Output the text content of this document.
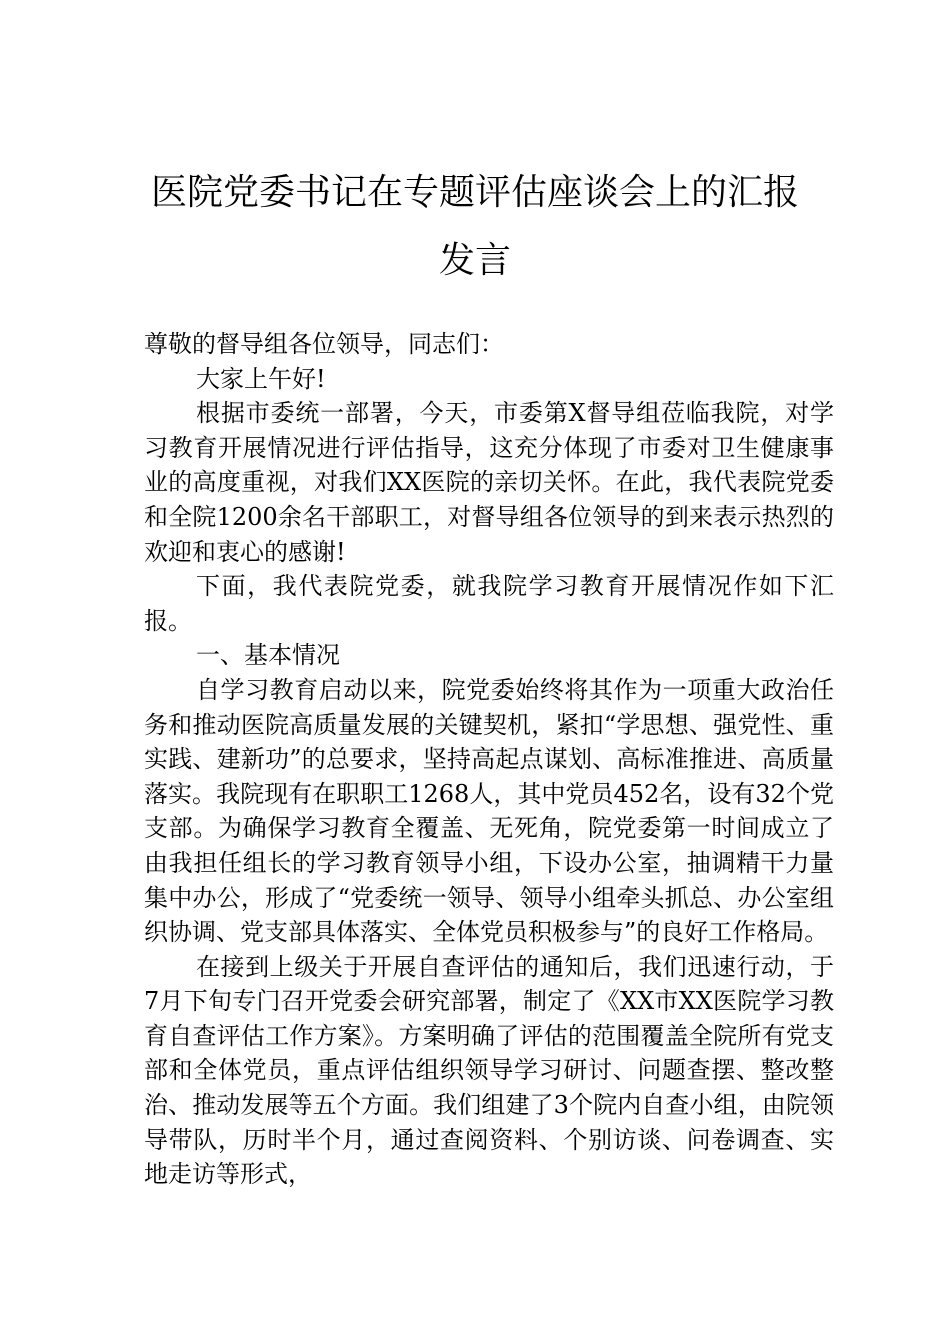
医院党委书记在专题评估座谈会上的汇报
发言

尊敬的督导组各位领导，同志们：

大家上午好!

根据市委统一部署，今天，市委第X督导组莅临我院，对学习教育开展情况进行评估指导，这充分体现了市委对卫生健康事业的高度重视，对我们XX医院的亲切关怀。在此，我代表院党委和全院1200余名干部职工，对督导组各位领导的到来表示热烈的欢迎和衷心的感谢!

下面，我代表院党委，就我院学习教育开展情况作如下汇报。

一、基本情况

自学习教育启动以来，院党委始终将其作为一项重大政治任务和推动医院高质量发展的关键契机，紧扣“学思想、强党性、重实践、建新功”的总要求，坚持高起点谋划、高标准推进、高质量落实。我院现有在职职工1268人，其中党员452名，设有32个党支部。为确保学习教育全覆盖、无死角，院党委第一时间成立了由我担任组长的学习教育领导小组，下设办公室，抽调精干力量集中办公，形成了“党委统一领导、领导小组牵头抓总、办公室组织协调、党支部具体落实、全体党员积极参与”的良好工作格局。

在接到上级关于开展自查评估的通知后，我们迅速行动，于7月下旬专门召开党委会研究部署，制定了《XX市XX医院学习教育自查评估工作方案》。方案明确了评估的范围覆盖全院所有党支部和全体党员，重点评估组织领导学习研讨、问题查摆、整改整治、推动发展等五个方面。我们组建了3个院内自查小组，由院领导带队，历时半个月，通过查阅资料、个别访谈、问卷调查、实地走访等形式，
